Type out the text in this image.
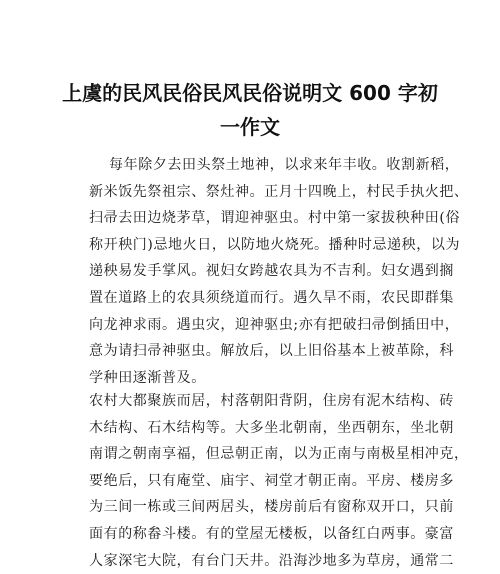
上虞的民风民俗民风民俗说明文 600 字初
一作文
每年除夕去田头祭土地神，以求来年丰收。收割新稻，
新米饭先祭祖宗、祭灶神。正月十四晚上，村民手执火把、
扫帚去田边烧茅草，谓迎神驱虫。村中第一家拔秧种田(俗
称开秧门)忌地火日，以防地火烧死。播种时忌递秧，以为
递秧易发手掌风。视妇女跨越农具为不吉利。妇女遇到搁
置在道路上的农具须绕道而行。遇久旱不雨，农民即群集
向龙神求雨。遇虫灾，迎神驱虫;亦有把破扫帚倒插田中，
意为请扫帚神驱虫。解放后，以上旧俗基本上被革除，科
学种田逐渐普及。
农村大都聚族而居，村落朝阳背阴，住房有泥木结构、砖
木结构、石木结构等。大多坐北朝南，坐西朝东，坐北朝
南谓之朝南享福，但忌朝正南，以为正南与南极星相冲克，
要绝后，只有庵堂、庙宇、祠堂才朝正南。平房、楼房多
为三间一栋或三间两居头，楼房前后有窗称双开口，只前
面有的称畚斗楼。有的堂屋无楼板，以备红白两事。豪富
人家深宅大院，有台门天井。沿海沙地多为草房，通常二
